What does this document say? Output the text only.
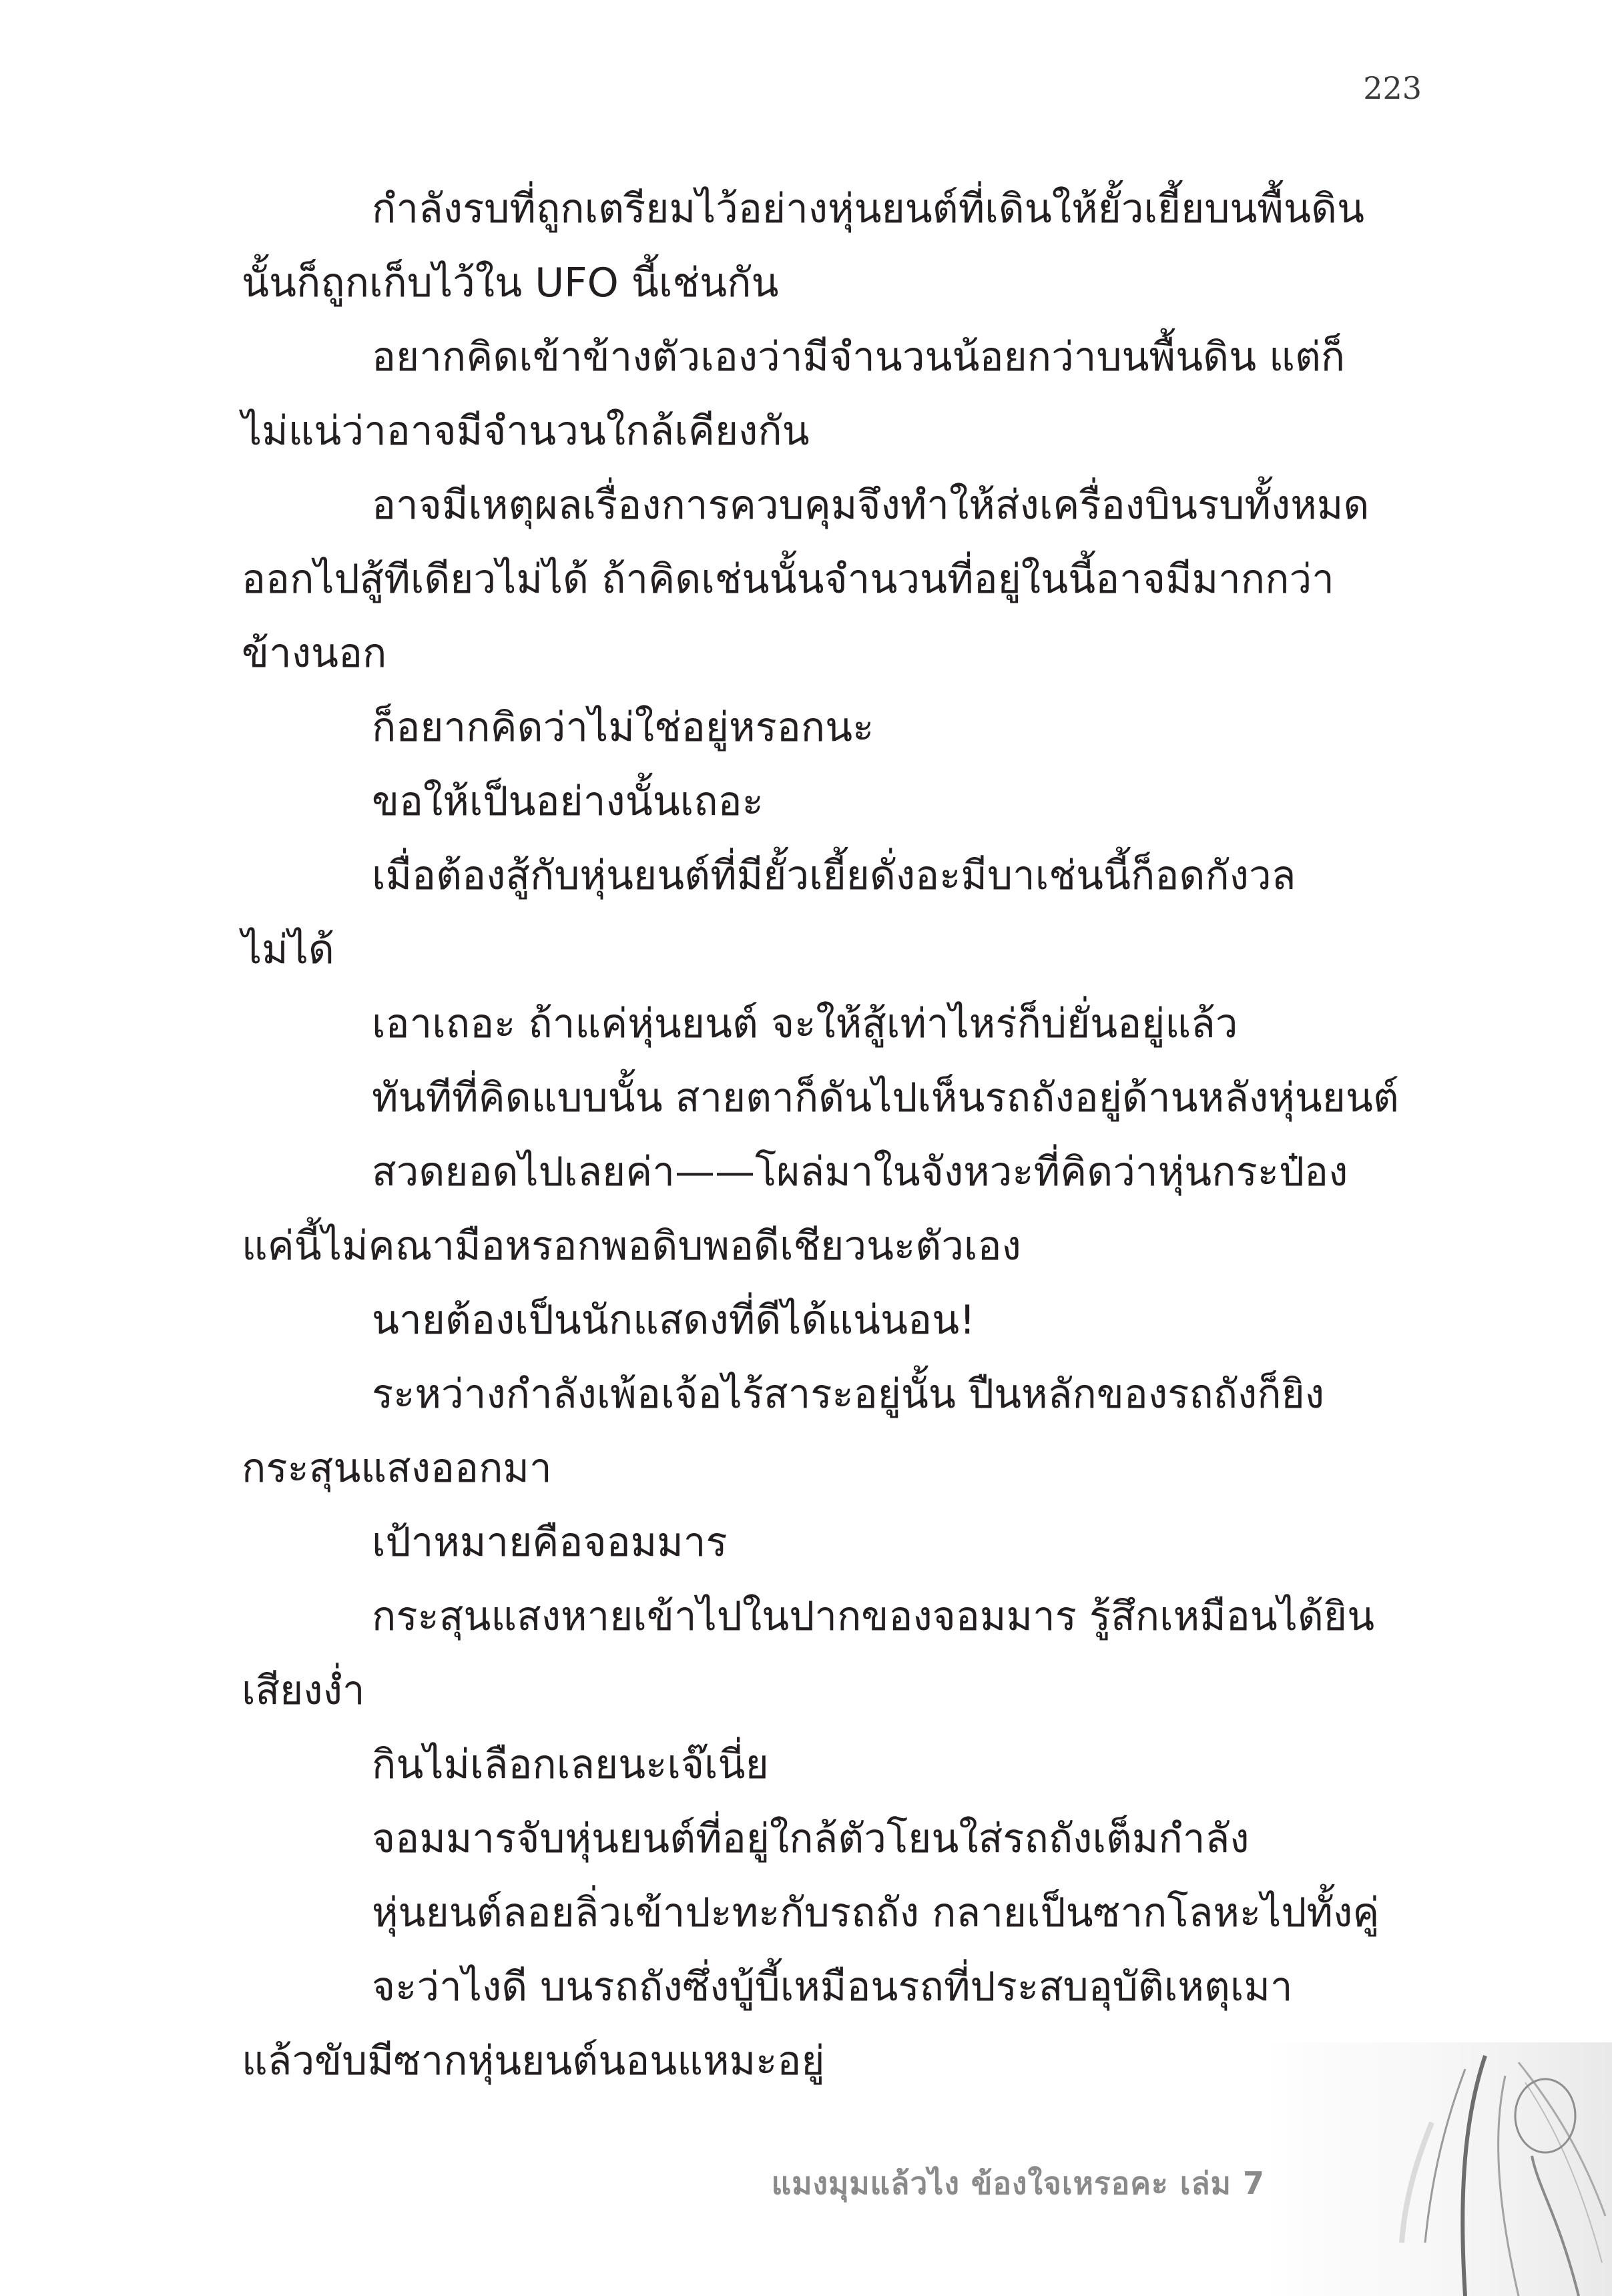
223

กำลังรบที่ถูกเตรียมไว้อย่างหุ่นยนต์ที่เดินให้ยั้วเยี้ยบนพื้นดิน
นั้นก็ถูกเก็บไว้ใน UFO นี้เช่นกัน

อยากคิดเข้าข้างตัวเองว่ามีจำนวนน้อยกว่าบนพื้นดิน แต่ก็
ไม่แน่ว่าอาจมีจำนวนใกล้เคียงกัน

อาจมีเหตุผลเรื่องการควบคุมจึงทำให้ส่งเครื่องบินรบทั้งหมด
ออกไปสู้ทีเดียวไม่ได้ ถ้าคิดเช่นนั้นจำนวนที่อยู่ในนี้อาจมีมากกว่า
ข้างนอก

ก็อยากคิดว่าไม่ใช่อยู่หรอกนะ

ขอให้เป็นอย่างนั้นเถอะ

เมื่อต้องสู้กับหุ่นยนต์ที่มียั้วเยี้ยดั่งอะมีบาเช่นนี้ก็อดกังวล
ไม่ได้

เอาเถอะ ถ้าแค่หุ่นยนต์ จะให้สู้เท่าไหร่ก็บ่ยั่นอยู่แล้ว

ทันทีที่คิดแบบนั้น สายตาก็ดันไปเห็นรถถังอยู่ด้านหลังหุ่นยนต์

สวดยอดไปเลยค่า——โผล่มาในจังหวะที่คิดว่าหุ่นกระป๋อง
แค่นี้ไม่คณามือหรอกพอดิบพอดีเชียวนะตัวเอง

นายต้องเป็นนักแสดงที่ดีได้แน่นอน!

ระหว่างกำลังเพ้อเจ้อไร้สาระอยู่นั้น ปืนหลักของรถถังก็ยิง
กระสุนแสงออกมา

เป้าหมายคือจอมมาร

กระสุนแสงหายเข้าไปในปากของจอมมาร รู้สึกเหมือนได้ยิน
เสียงง่ำ

กินไม่เลือกเลยนะเจ๊เนี่ย

จอมมารจับหุ่นยนต์ที่อยู่ใกล้ตัวโยนใส่รถถังเต็มกำลัง

หุ่นยนต์ลอยลิ่วเข้าปะทะกับรถถัง กลายเป็นซากโลหะไปทั้งคู่

จะว่าไงดี บนรถถังซึ่งบู้บี้เหมือนรถที่ประสบอุบัติเหตุเมา
แล้วขับมีซากหุ่นยนต์นอนแหมะอยู่

แมงมุมแล้วไง ข้องใจเหรอคะ เล่ม 7
